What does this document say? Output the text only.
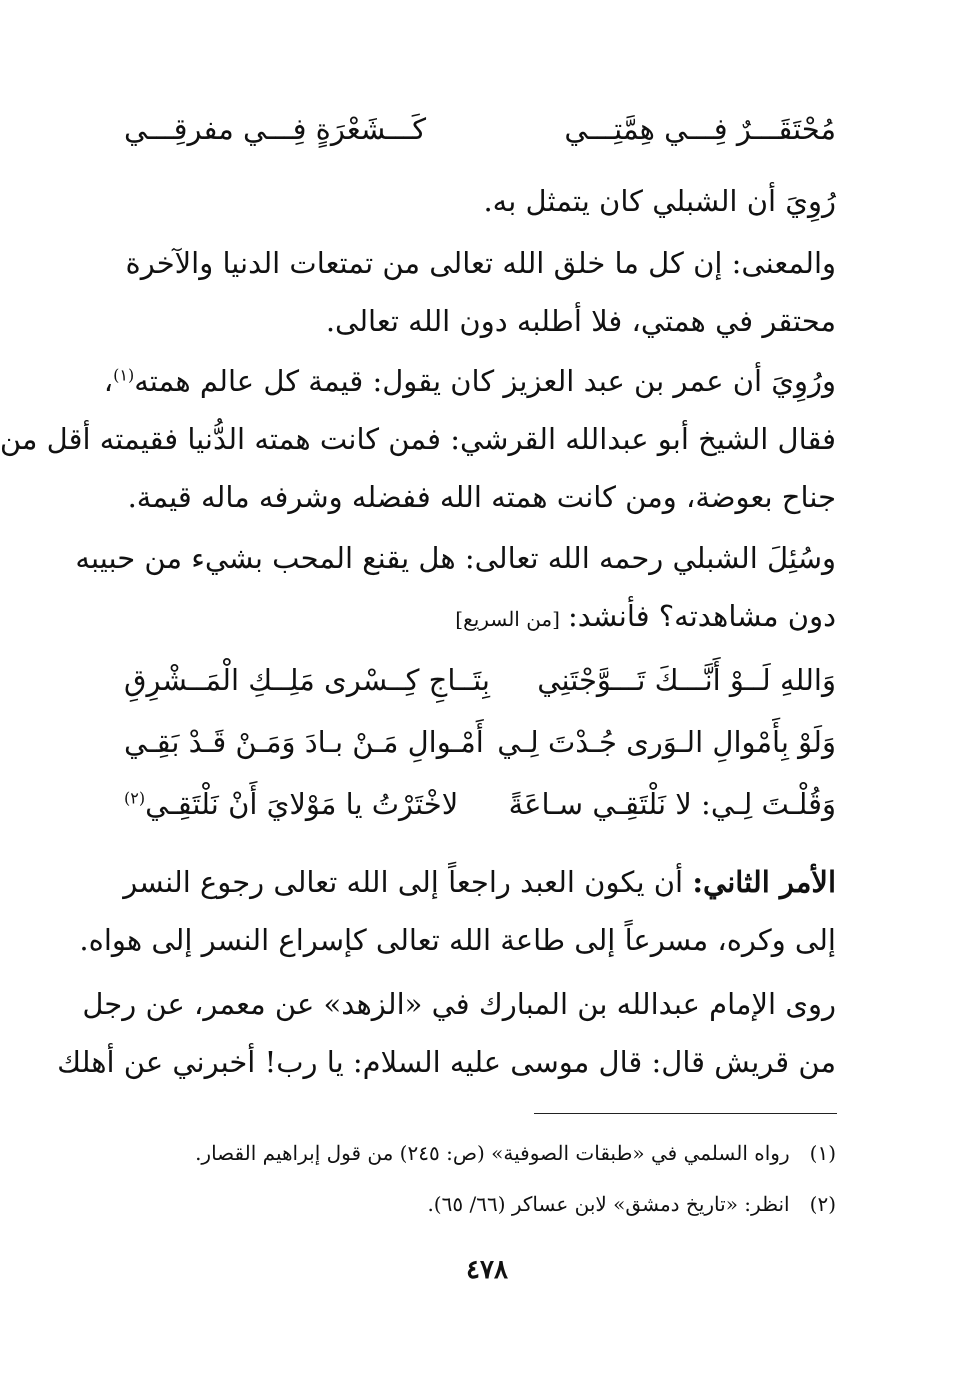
مُحْتَقَـــرٌ فِـــي هِمَّتِـــي
كَـــشَعْرَةٍ فِـــي مفرقِـــي
رُوِيَ أن الشبلي كان يتمثل به.
والمعنى: إن كل ما خلق الله تعالى من تمتعات الدنيا والآخرة
محتقر في همتي، فلا أطلبه دون الله تعالى.
ورُوِيَ أن عمر بن عبد العزيز كان يقول: قيمة كل عالم همته$^{(١)}$،
فقال الشيخ أبو عبدالله القرشي: فمن كانت همته الدُّنيا فقيمته أقل من
جناح بعوضة، ومن كانت همته الله ففضله وشرفه ماله قيمة.
وسُئِلَ الشبلي رحمه الله تعالى: هل يقنع المحب بشيء من حبيبه
دون مشاهدته؟ فأنشد:[من السريع]
وَاللهِ لَــوْ أَنَّـــكَ تَـــوَّجْتَنِي
بِتَــاجِ كِــسْرى مَلِــكِ الْمَــشْرِقِ
وَلَوْ بِأَمْوالِ الـوَرى جُـدْتَ لِـي
أَمْـوالِ مَـنْ بـادَ وَمَـنْ قَـدْ بَقِـي
وَقُلْـتَ لِـي: لا نَلْتَقِـي سـاعَةً
لاخْتَرْتُ يا مَوْلايَ أَنْ نَلْتَقِـي$^{(٢)}$
الأمر الثاني: أن يكون العبد راجعاً إلى الله تعالى رجوع النسر
إلى وكره، مسرعاً إلى طاعة الله تعالى كإسراع النسر إلى هواه.
روى الإمام عبدالله بن المبارك في «الزهد» عن معمر، عن رجل
من قريش قال: قال موسى عليه السلام: يا رب! أخبرني عن أهلك
(١)رواه السلمي في «طبقات الصوفية» (ص: ٢٤٥) من قول إبراهيم القصار.
(٢)انظر: «تاريخ دمشق» لابن عساكر (٦٦/ ٦٥).
٤٧٨
